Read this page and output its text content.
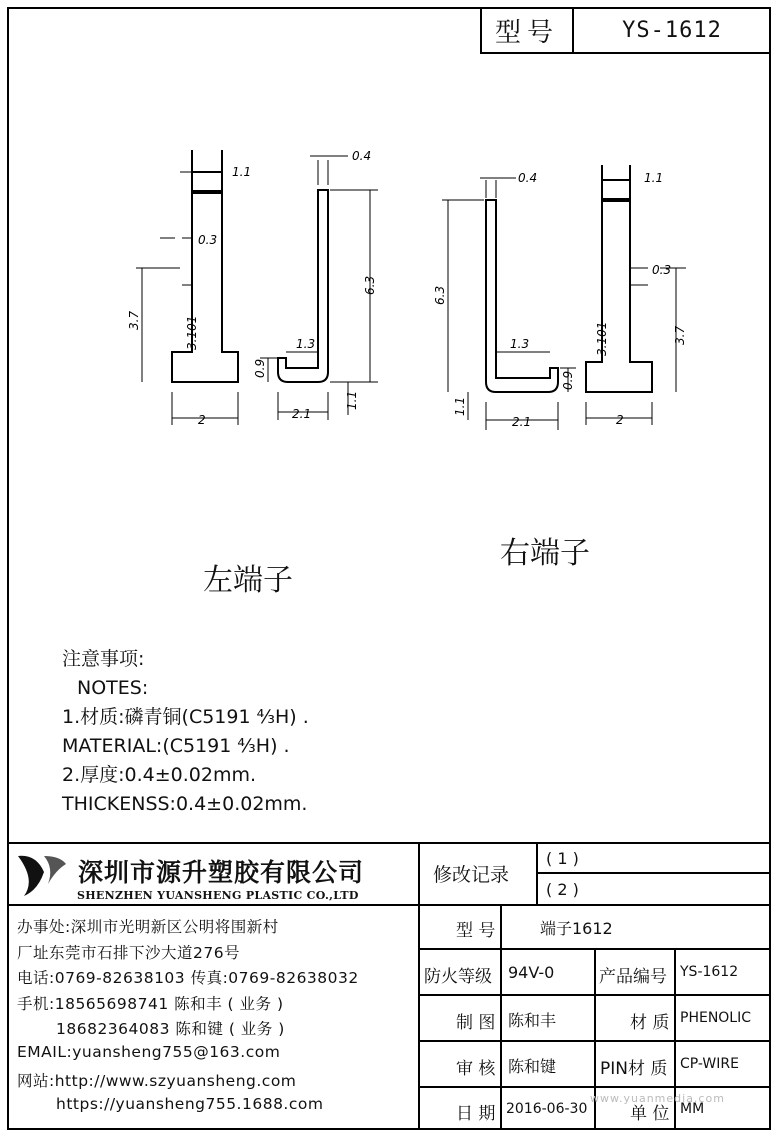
型号	YS-1612
1.1
0.4
0.3
3.7	3.101
2
6.3
1.3
0.9
2.1
1.1
0.4
6.3
1.3
0.9
2.1
1.1
1.1
0.3
3.7
3.101
2
左端子
右端子
注意事项:
NOTES:
1.材质:磷青铜(C5191 ⁴⁄₃H) .
MATERIAL:(C5191 ⁴⁄₃H) .
2.厚度:0.4±0.02mm.
THICKENSS:0.4±0.02mm.
深圳市源升塑胶有限公司
SHENZHEN YUANSHENG PLASTIC CO.,LTD
办事处:深圳市光明新区公明将围新村
厂址东莞市石排下沙大道276号
电话:0769-82638103 传真:0769-82638032
手机:18565698741 陈和丰 ( 业务 )
18682364083 陈和键 ( 业务 )
EMAIL:yuansheng755@163.com
网站:http://www.szyuansheng.com
https://yuansheng755.1688.com
修改记录
( 1 )
( 2 )
型 号	端子1612
防火等级 94V-0	产品编号 YS-1612
制 图 陈和丰	材 质 PHENOLIC
审 核 陈和键	PIN材 质 CP-WIRE
日 期 2016-06-30	单 位 MM
www.yuanmedia.com
